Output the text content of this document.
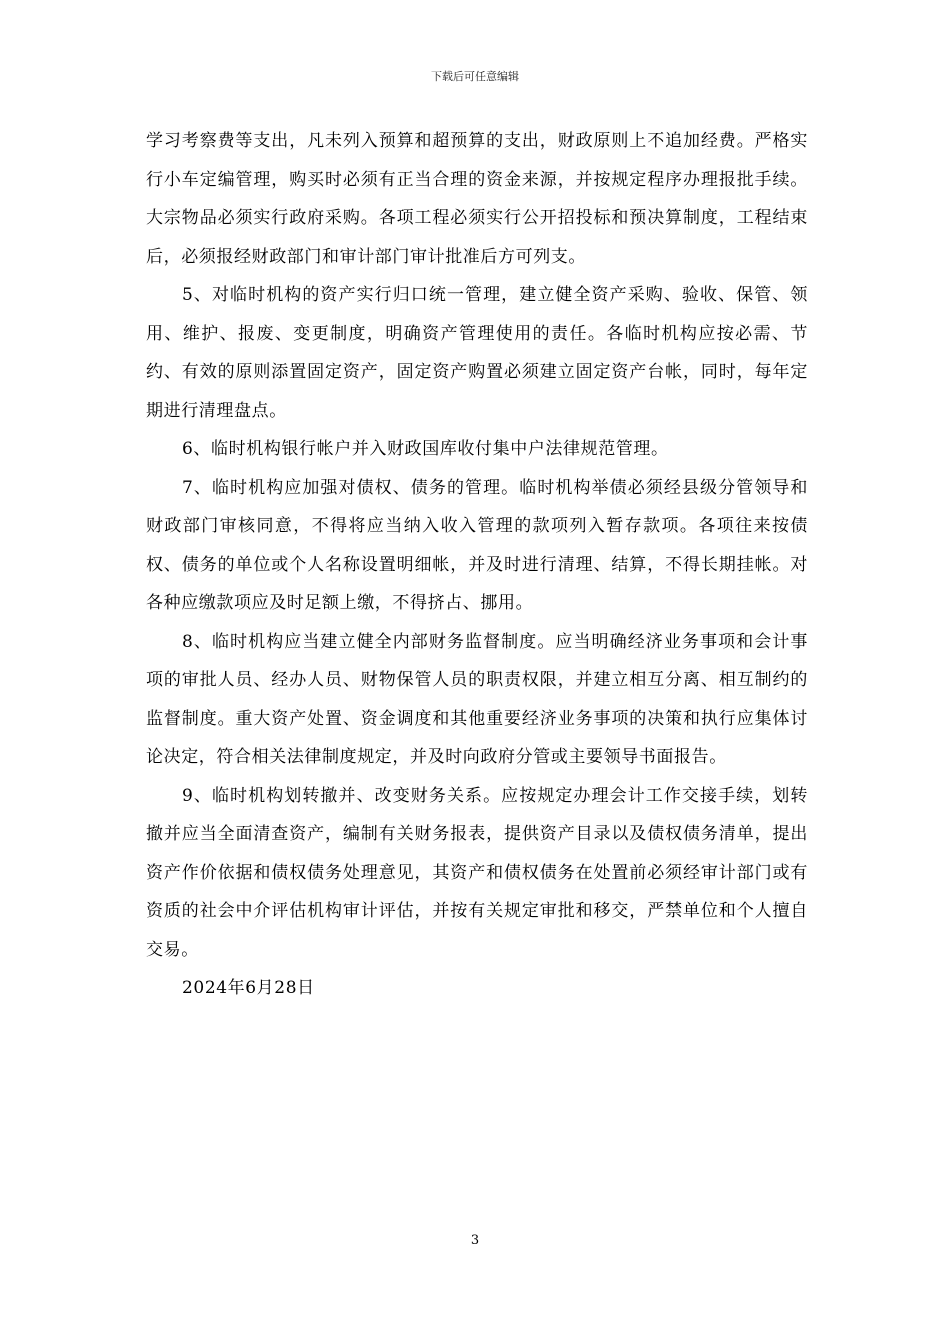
下载后可任意编辑

学习考察费等支出，凡未列入预算和超预算的支出，财政原则上不追加经费。严格实行小车定编管理，购买时必须有正当合理的资金来源，并按规定程序办理报批手续。大宗物品必须实行政府采购。各项工程必须实行公开招投标和预决算制度，工程结束后，必须报经财政部门和审计部门审计批准后方可列支。

5、对临时机构的资产实行归口统一管理，建立健全资产采购、验收、保管、领用、维护、报废、变更制度，明确资产管理使用的责任。各临时机构应按必需、节约、有效的原则添置固定资产，固定资产购置必须建立固定资产台帐，同时，每年定期进行清理盘点。

6、临时机构银行帐户并入财政国库收付集中户法律规范管理。

7、临时机构应加强对债权、债务的管理。临时机构举债必须经县级分管领导和财政部门审核同意，不得将应当纳入收入管理的款项列入暂存款项。各项往来按债权、债务的单位或个人名称设置明细帐，并及时进行清理、结算，不得长期挂帐。对各种应缴款项应及时足额上缴，不得挤占、挪用。

8、临时机构应当建立健全内部财务监督制度。应当明确经济业务事项和会计事项的审批人员、经办人员、财物保管人员的职责权限，并建立相互分离、相互制约的监督制度。重大资产处置、资金调度和其他重要经济业务事项的决策和执行应集体讨论决定，符合相关法律制度规定，并及时向政府分管或主要领导书面报告。

9、临时机构划转撤并、改变财务关系。应按规定办理会计工作交接手续，划转撤并应当全面清查资产，编制有关财务报表，提供资产目录以及债权债务清单，提出资产作价依据和债权债务处理意见，其资产和债权债务在处置前必须经审计部门或有资质的社会中介评估机构审计评估，并按有关规定审批和移交，严禁单位和个人擅自交易。

2024年6月28日

3
